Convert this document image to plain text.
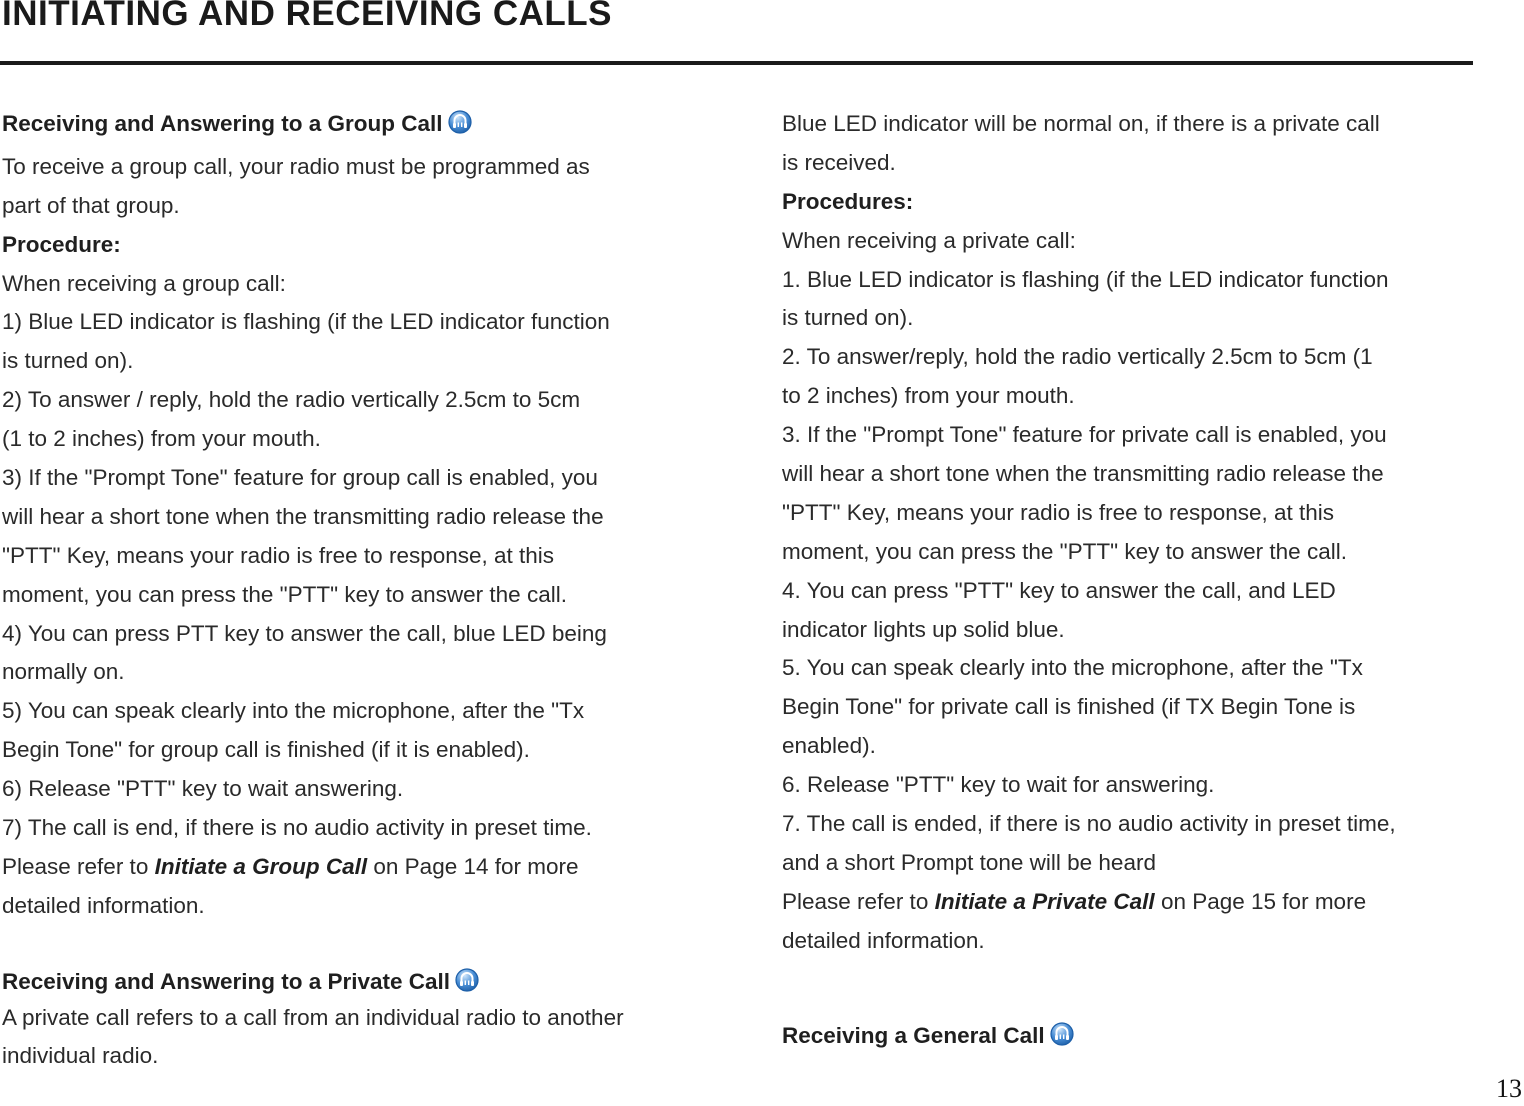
INITIATING AND RECEIVING CALLS
Receiving and Answering to a Group Call
To receive a group call, your radio must be programmed as
part of that group.
Procedure:
When receiving a group call:
1) Blue LED indicator is flashing (if the LED indicator function
is turned on).
2) To answer / reply, hold the radio vertically 2.5cm to 5cm
(1 to 2 inches) from your mouth.
3) If the "Prompt Tone" feature for group call is enabled, you
will hear a short tone when the transmitting radio release the
"PTT" Key, means your radio is free to response, at this
moment, you can press the "PTT" key to answer the call.
4) You can press PTT key to answer the call, blue LED being
normally on.
5) You can speak clearly into the microphone, after the "Tx
Begin Tone" for group call is finished (if it is enabled).
6) Release "PTT" key to wait answering.
7) The call is end, if there is no audio activity in preset time.
Please refer to Initiate a Group Call on Page 14 for more
detailed information.
Receiving and Answering to a Private Call
A private call refers to a call from an individual radio to another
individual radio.
Blue LED indicator will be normal on, if there is a private call
is received.
Procedures:
When receiving a private call:
1. Blue LED indicator is flashing (if the LED indicator function
is turned on).
2. To answer/reply, hold the radio vertically 2.5cm to 5cm (1
to 2 inches) from your mouth.
3. If the "Prompt Tone" feature for private call is enabled, you
will hear a short tone when the transmitting radio release the
"PTT" Key, means your radio is free to response, at this
moment, you can press the "PTT" key to answer the call.
4. You can press "PTT" key to answer the call, and LED
indicator lights up solid blue.
5. You can speak clearly into the microphone, after the "Tx
Begin Tone" for private call is finished (if TX Begin Tone is
enabled).
6. Release "PTT" key to wait for answering.
7. The call is ended, if there is no audio activity in preset time,
and a short Prompt tone will be heard
Please refer to Initiate a Private Call on Page 15 for more
detailed information.
Receiving a General Call
13
